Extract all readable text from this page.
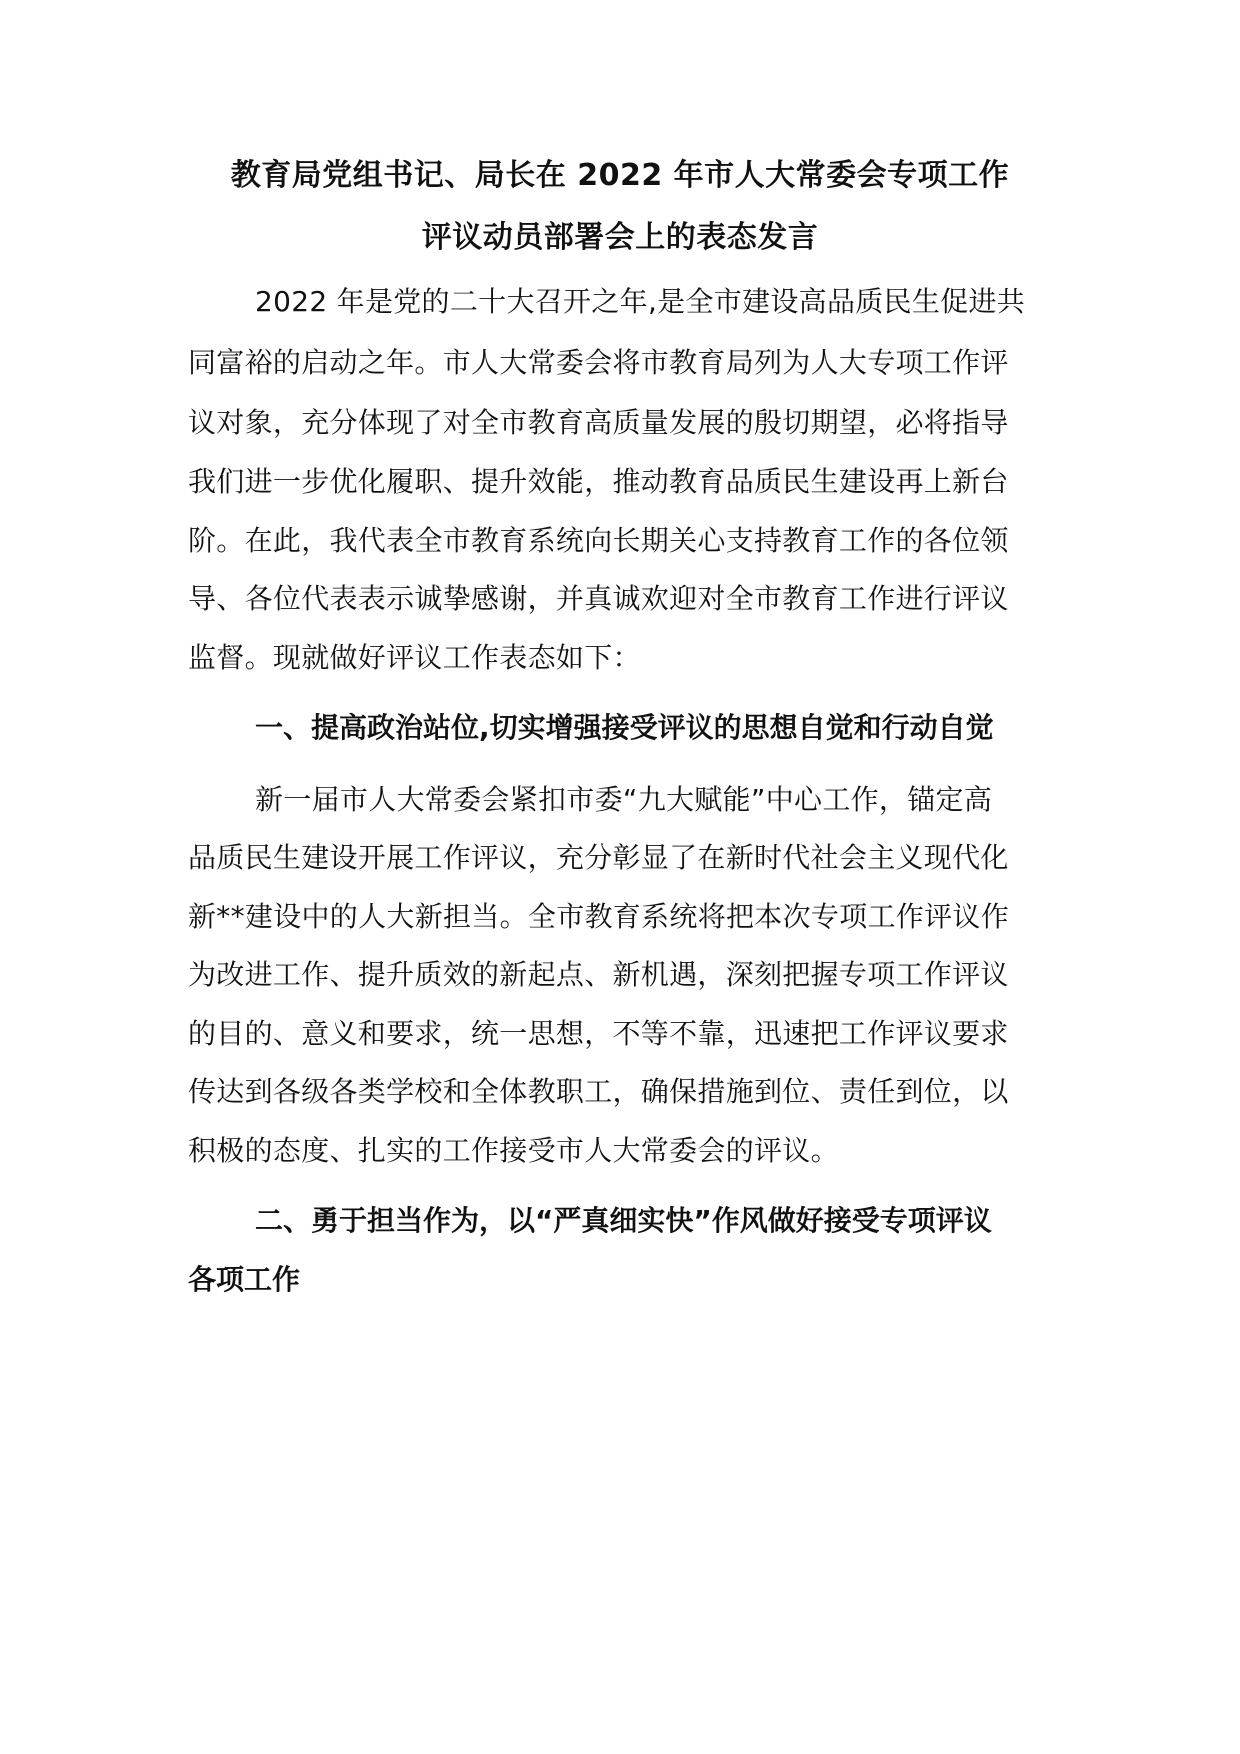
教育局党组书记、局长在 2022 年市人大常委会专项工作
评议动员部署会上的表态发言
2022 年是党的二十大召开之年,是全市建设高品质民生促进共
同富裕的启动之年。市人大常委会将市教育局列为人大专项工作评
议对象，充分体现了对全市教育高质量发展的殷切期望，必将指导
我们进一步优化履职、提升效能，推动教育品质民生建设再上新台
阶。在此，我代表全市教育系统向长期关心支持教育工作的各位领
导、各位代表表示诚挚感谢，并真诚欢迎对全市教育工作进行评议
监督。现就做好评议工作表态如下：
一、提高政治站位,切实增强接受评议的思想自觉和行动自觉
新一届市人大常委会紧扣市委“九大赋能”中心工作，锚定高
品质民生建设开展工作评议，充分彰显了在新时代社会主义现代化
新**建设中的人大新担当。全市教育系统将把本次专项工作评议作
为改进工作、提升质效的新起点、新机遇，深刻把握专项工作评议
的目的、意义和要求，统一思想，不等不靠，迅速把工作评议要求
传达到各级各类学校和全体教职工，确保措施到位、责任到位，以
积极的态度、扎实的工作接受市人大常委会的评议。
二、勇于担当作为，以“严真细实快”作风做好接受专项评议
各项工作
